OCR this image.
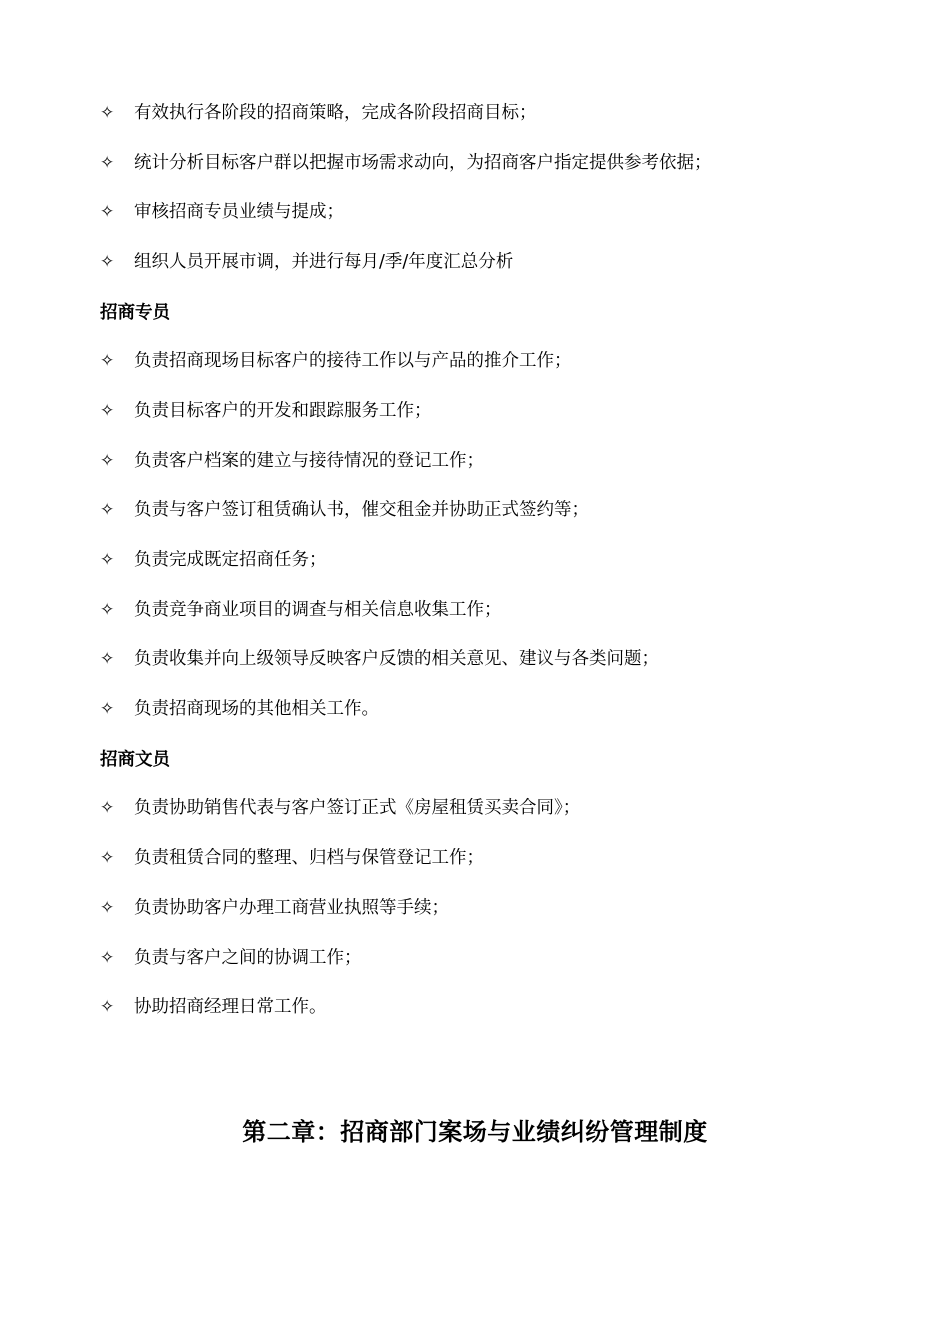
✧	有效执行各阶段的招商策略，完成各阶段招商目标；
✧	统计分析目标客户群以把握市场需求动向，为招商客户指定提供参考依据；
✧	审核招商专员业绩与提成；
✧	组织人员开展市调，并进行每月/季/年度汇总分析
招商专员
✧	负责招商现场目标客户的接待工作以与产品的推介工作；
✧	负责目标客户的开发和跟踪服务工作；
✧	负责客户档案的建立与接待情况的登记工作；
✧	负责与客户签订租赁确认书，催交租金并协助正式签约等；
✧	负责完成既定招商任务；
✧	负责竞争商业项目的调查与相关信息收集工作；
✧	负责收集并向上级领导反映客户反馈的相关意见、建议与各类问题；
✧	负责招商现场的其他相关工作。
招商文员
✧	负责协助销售代表与客户签订正式《房屋租赁买卖合同》；
✧	负责租赁合同的整理、归档与保管登记工作；
✧	负责协助客户办理工商营业执照等手续；
✧	负责与客户之间的协调工作；
✧	协助招商经理日常工作。
第二章：招商部门案场与业绩纠纷管理制度
